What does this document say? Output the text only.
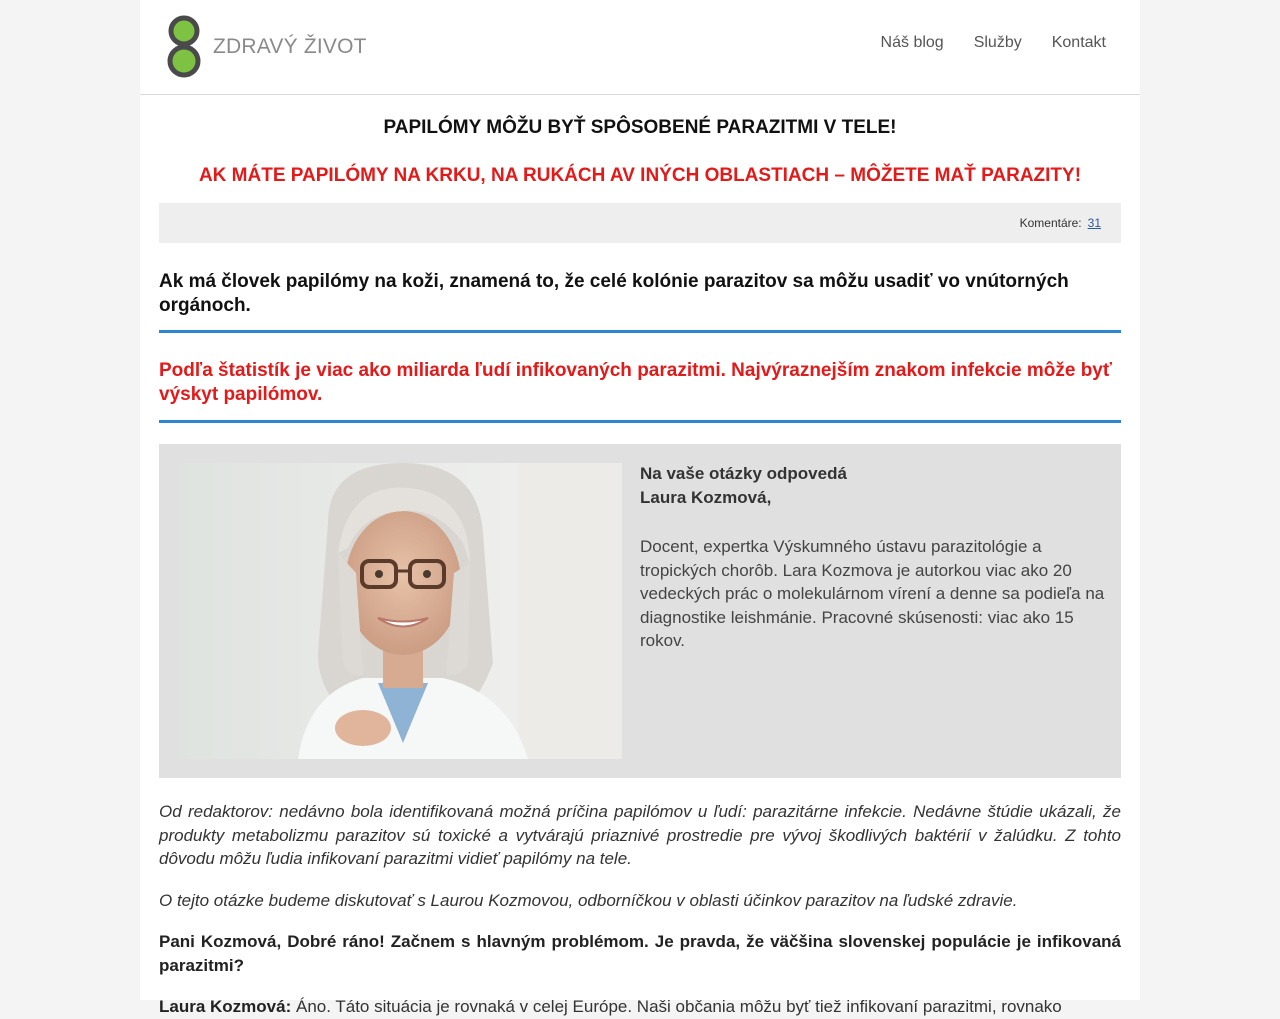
ZDRAVÝ ŽIVOT	Náš blog Služby Kontakt
PAPILÓMY MÔŽU BYŤ SPÔSOBENÉ PARAZITMI V TELE!
AK MÁTE PAPILÓMY NA KRKU, NA RUKÁCH AV INÝCH OBLASTIACH – MÔŽETE MAŤ PARAZITY!
Komentáre: 31

Ak má človek papilómy na koži, znamená to, že celé kolónie parazitov sa môžu usadiť vo vnútorných orgánoch.

Podľa štatistík je viac ako miliarda ľudí infikovaných parazitmi. Najvýraznejším znakom infekcie môže byť výskyt papilómov.

Na vaše otázky odpovedá
Laura Kozmová,

Docent, expertka Výskumného ústavu parazitológie a tropických chorôb. Lara Kozmova je autorkou viac ako 20 vedeckých prác o molekulárnom vírení a denne sa podieľa na diagnostike leishmánie. Pracovné skúsenosti: viac ako 15 rokov.

Od redaktorov: nedávno bola identifikovaná možná príčina papilómov u ľudí: parazitárne infekcie. Nedávne štúdie ukázali, že produkty metabolizmu parazitov sú toxické a vytvárajú priaznivé prostredie pre vývoj škodlivých baktérií v žalúdku. Z tohto dôvodu môžu ľudia infikovaní parazitmi vidieť papilómy na tele.

O tejto otázke budeme diskutovať s Laurou Kozmovou, odborníčkou v oblasti účinkov parazitov na ľudské zdravie.

Pani Kozmová, Dobré ráno! Začnem s hlavným problémom. Je pravda, že väčšina slovenskej populácie je infikovaná parazitmi?

Laura Kozmová: Áno. Táto situácia je rovnaká v celej Európe. Naši občania môžu byť tiež infikovaní parazitmi, rovnako
